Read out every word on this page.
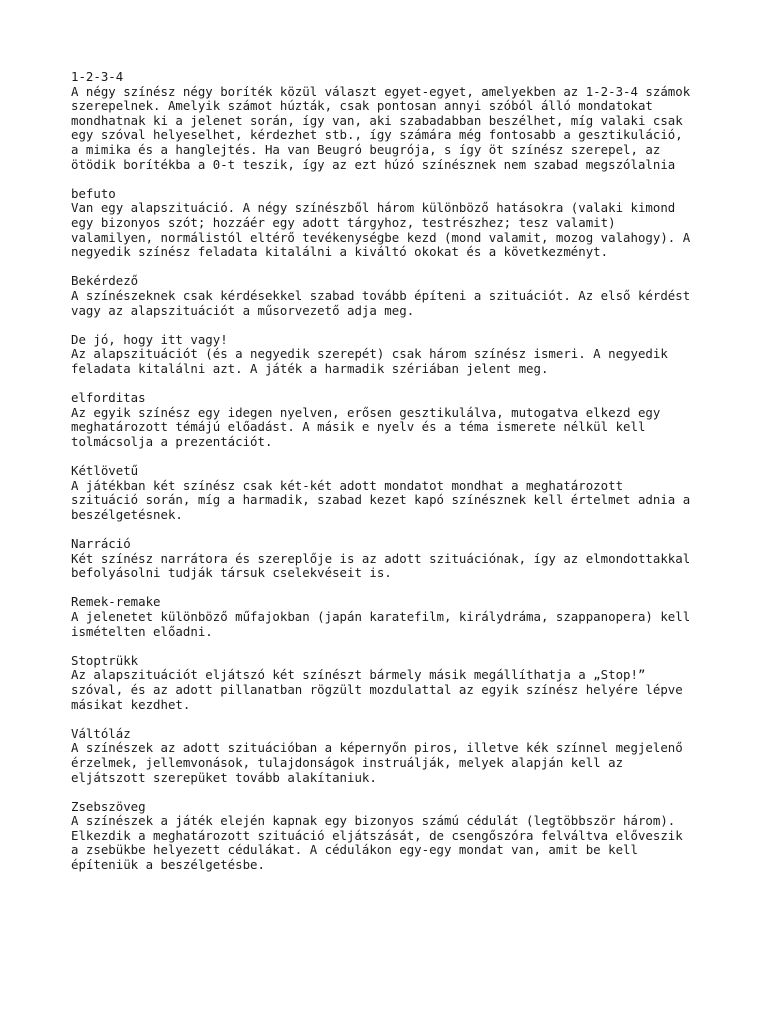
1-2-3-4
A négy színész négy boríték közül választ egyet-egyet, amelyekben az 1-2-3-4 számok
szerepelnek. Amelyik számot húzták, csak pontosan annyi szóból álló mondatokat
mondhatnak ki a jelenet során, így van, aki szabadabban beszélhet, míg valaki csak
egy szóval helyeselhet, kérdezhet stb., így számára még fontosabb a gesztikuláció,
a mimika és a hanglejtés. Ha van Beugró beugrója, s így öt színész szerepel, az
ötödik borítékba a 0-t teszik, így az ezt húzó színésznek nem szabad megszólalnia
befuto
Van egy alapszituáció. A négy színészből három különböző hatásokra (valaki kimond
egy bizonyos szót; hozzáér egy adott tárgyhoz, testrészhez; tesz valamit)
valamilyen, normálistól eltérő tevékenységbe kezd (mond valamit, mozog valahogy). A
negyedik színész feladata kitalálni a kiváltó okokat és a következményt.
Bekérdező
A színészeknek csak kérdésekkel szabad tovább építeni a szituációt. Az első kérdést
vagy az alapszituációt a műsorvezető adja meg.
De jó, hogy itt vagy!
Az alapszituációt (és a negyedik szerepét) csak három színész ismeri. A negyedik
feladata kitalálni azt. A játék a harmadik szériában jelent meg.
elforditas
Az egyik színész egy idegen nyelven, erősen gesztikulálva, mutogatva elkezd egy
meghatározott témájú előadást. A másik e nyelv és a téma ismerete nélkül kell
tolmácsolja a prezentációt.
Kétlövetű
A játékban két színész csak két-két adott mondatot mondhat a meghatározott
szituáció során, míg a harmadik, szabad kezet kapó színésznek kell értelmet adnia a
beszélgetésnek.
Narráció
Két színész narrátora és szereplője is az adott szituációnak, így az elmondottakkal
befolyásolni tudják társuk cselekvéseit is.
Remek-remake
A jelenetet különböző műfajokban (japán karatefilm, királydráma, szappanopera) kell
ismételten előadni.
Stoptrükk
Az alapszituációt eljátszó két színészt bármely másik megállíthatja a „Stop!”
szóval, és az adott pillanatban rögzült mozdulattal az egyik színész helyére lépve
másikat kezdhet.
Váltóláz
A színészek az adott szituációban a képernyőn piros, illetve kék színnel megjelenő
érzelmek, jellemvonások, tulajdonságok instruálják, melyek alapján kell az
eljátszott szerepüket tovább alakítaniuk.
Zsebszöveg
A színészek a játék elején kapnak egy bizonyos számú cédulát (legtöbbször három).
Elkezdik a meghatározott szituáció eljátszását, de csengőszóra felváltva előveszik
a zsebükbe helyezett cédulákat. A cédulákon egy-egy mondat van, amit be kell
építeniük a beszélgetésbe.
